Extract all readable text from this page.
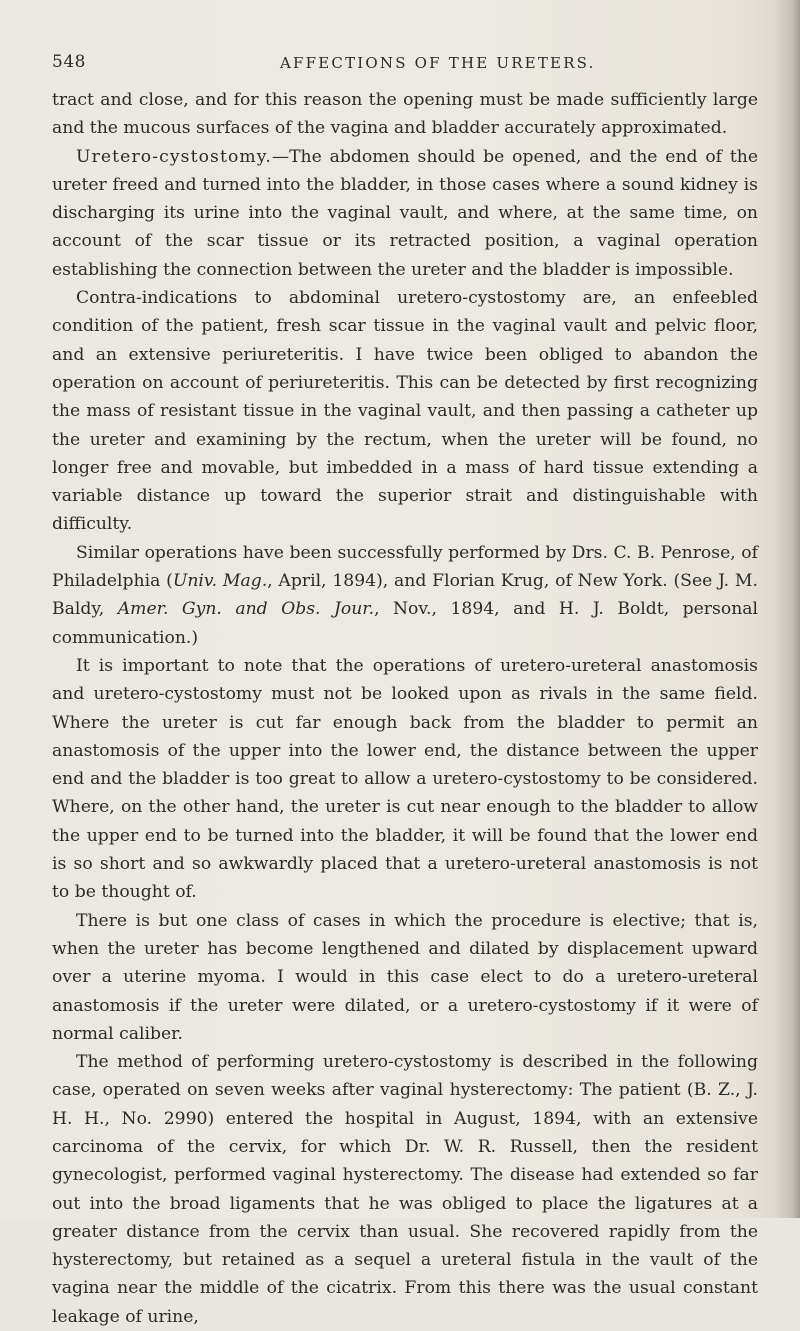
548	AFFECTIONS OF THE URETERS.

tract and close, and for this reason the opening must be made sufficiently large and the mucous surfaces of the vagina and bladder accurately approximated.

Uretero-cystostomy.—The abdomen should be opened, and the end of the ureter freed and turned into the bladder, in those cases where a sound kidney is discharging its urine into the vaginal vault, and where, at the same time, on account of the scar tissue or its retracted position, a vaginal operation establishing the connection between the ureter and the bladder is impossible.

Contra-indications to abdominal uretero-cystostomy are, an enfeebled condition of the patient, fresh scar tissue in the vaginal vault and pelvic floor, and an extensive periureteritis. I have twice been obliged to abandon the operation on account of periureteritis. This can be detected by first recognizing the mass of resistant tissue in the vaginal vault, and then passing a catheter up the ureter and examining by the rectum, when the ureter will be found, no longer free and movable, but imbedded in a mass of hard tissue extending a variable distance up toward the superior strait and distinguishable with difficulty.

Similar operations have been successfully performed by Drs. C. B. Penrose, of Philadelphia (Univ. Mag., April, 1894), and Florian Krug, of New York. (See J. M. Baldy, Amer. Gyn. and Obs. Jour., Nov., 1894, and H. J. Boldt, personal communication.)

It is important to note that the operations of uretero-ureteral anastomosis and uretero-cystostomy must not be looked upon as rivals in the same field. Where the ureter is cut far enough back from the bladder to permit an anastomosis of the upper into the lower end, the distance between the upper end and the bladder is too great to allow a uretero-cystostomy to be considered. Where, on the other hand, the ureter is cut near enough to the bladder to allow the upper end to be turned into the bladder, it will be found that the lower end is so short and so awkwardly placed that a uretero-ureteral anastomosis is not to be thought of.

There is but one class of cases in which the procedure is elective; that is, when the ureter has become lengthened and dilated by displacement upward over a uterine myoma. I would in this case elect to do a uretero-ureteral anastomosis if the ureter were dilated, or a uretero-cystostomy if it were of normal caliber.

The method of performing uretero-cystostomy is described in the following case, operated on seven weeks after vaginal hysterectomy: The patient (B. Z., J. H. H., No. 2990) entered the hospital in August, 1894, with an extensive carcinoma of the cervix, for which Dr. W. R. Russell, then the resident gynecologist, performed vaginal hysterectomy. The disease had extended so far out into the broad ligaments that he was obliged to place the ligatures at a greater distance from the cervix than usual. She recovered rapidly from the hysterectomy, but retained as a sequel a ureteral fistula in the vault of the vagina near the middle of the cicatrix. From this there was the usual constant leakage of urine,
